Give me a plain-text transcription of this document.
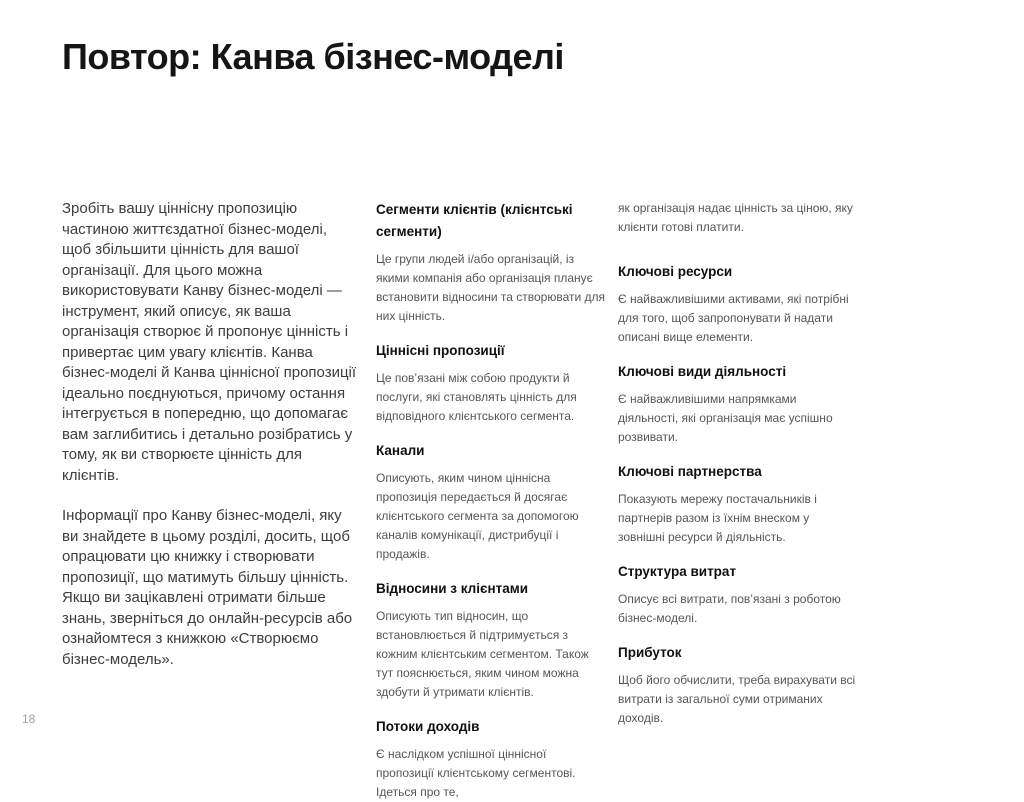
Повтор: Канва бізнес-моделі

Зробіть вашу ціннісну пропозицію частиною життєздатної бізнес-моделі, щоб збільшити цінність для вашої організації. Для цього можна використовувати Канву бізнес-моделі — інструмент, який описує, як ваша організація створює й пропонує цінність і привертає цим увагу клієнтів. Канва бізнес-моделі й Канва ціннісної пропозиції ідеально поєднуються, причому остання інтегрується в попередню, що допомагає вам заглибитись і детально розібратись у тому, як ви створюєте цінність для клієнтів.

Інформації про Канву бізнес-моделі, яку ви знайдете в цьому розділі, досить, щоб опрацювати цю книжку і створювати пропозиції, що матимуть більшу цінність. Якщо ви зацікавлені отримати більше знань, зверніться до онлайн-ресурсів або ознайомтеся з книжкою «Створюємо бізнес-модель».

Сегменти клієнтів (клієнтські сегменти)

Це групи людей і/або організацій, із якими компанія або організація планує встановити відносини та створювати для них цінність.

Ціннісні пропозиції

Це пов’язані між собою продукти й послуги, які становлять цінність для відповідного клієнтського сегмента.

Канали

Описують, яким чином ціннісна пропозиція передається й досягає клієнтського сегмента за допомогою каналів комунікації, дистрибуції і продажів.

Відносини з клієнтами

Описують тип відносин, що встановлюється й підтримується з кожним клієнтським сегментом. Також тут пояснюється, яким чином можна здобути й утримати клієнтів.

Потоки доходів

Є наслідком успішної ціннісної пропозиції клієнтському сегментові. Ідеться про те,

як організація надає цінність за ціною, яку клієнти готові платити.

Ключові ресурси

Є найважливішими активами, які потрібні для того, щоб запропонувати й надати описані вище елементи.

Ключові види діяльності

Є найважливішими напрямками діяльності, які організація має успішно розвивати.

Ключові партнерства

Показують мережу постачальників і партнерів разом із їхнім внеском у зовнішні ресурси й діяльність.

Структура витрат

Описує всі витрати, пов’язані з роботою бізнес-моделі.

Прибуток

Щоб його обчислити, треба вирахувати всі витрати із загальної суми отриманих доходів.

18
